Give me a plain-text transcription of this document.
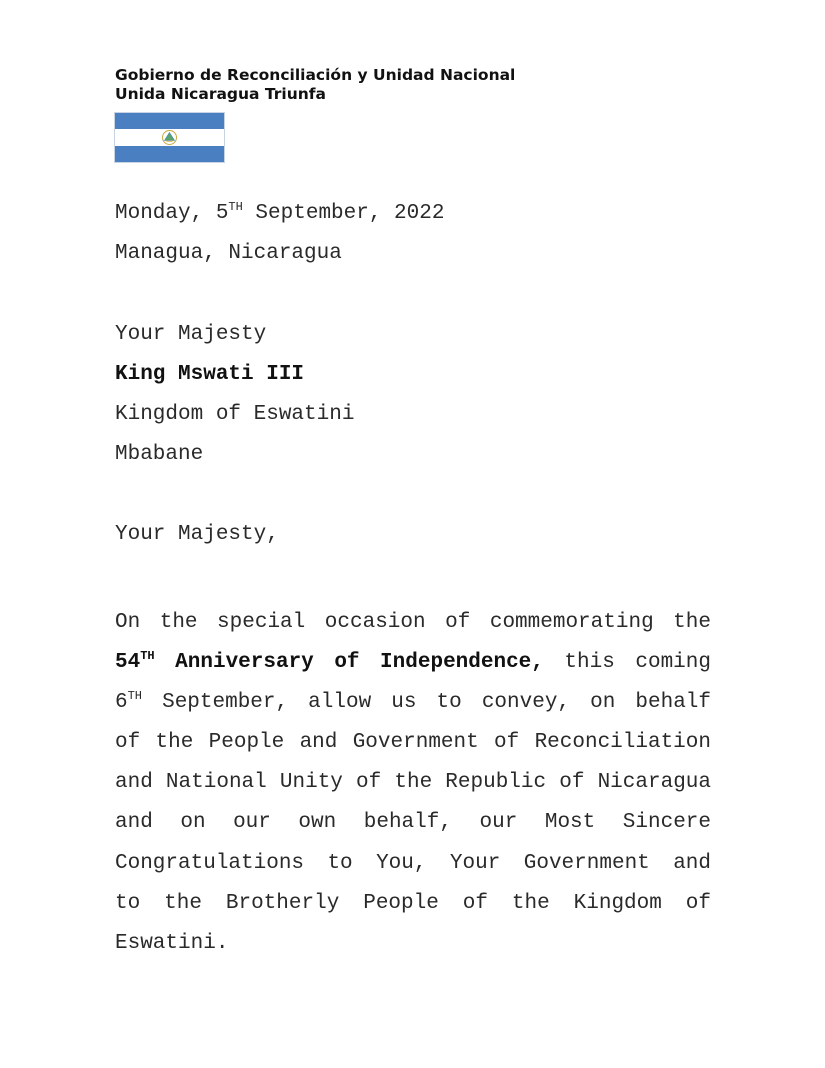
Gobierno de Reconciliación y Unidad Nacional
Unida Nicaragua Triunfa
Monday, 5TH September, 2022
Managua, Nicaragua
Your Majesty
King Mswati III
Kingdom of Eswatini
Mbabane
Your Majesty,
On the special occasion of commemorating the
54TH Anniversary of Independence, this coming
6TH September, allow us to convey, on behalf
of the People and Government of Reconciliation
and National Unity of the Republic of Nicaragua
and on our own behalf, our Most Sincere
Congratulations to You, Your Government and
to the Brotherly People of the Kingdom of
Eswatini.
